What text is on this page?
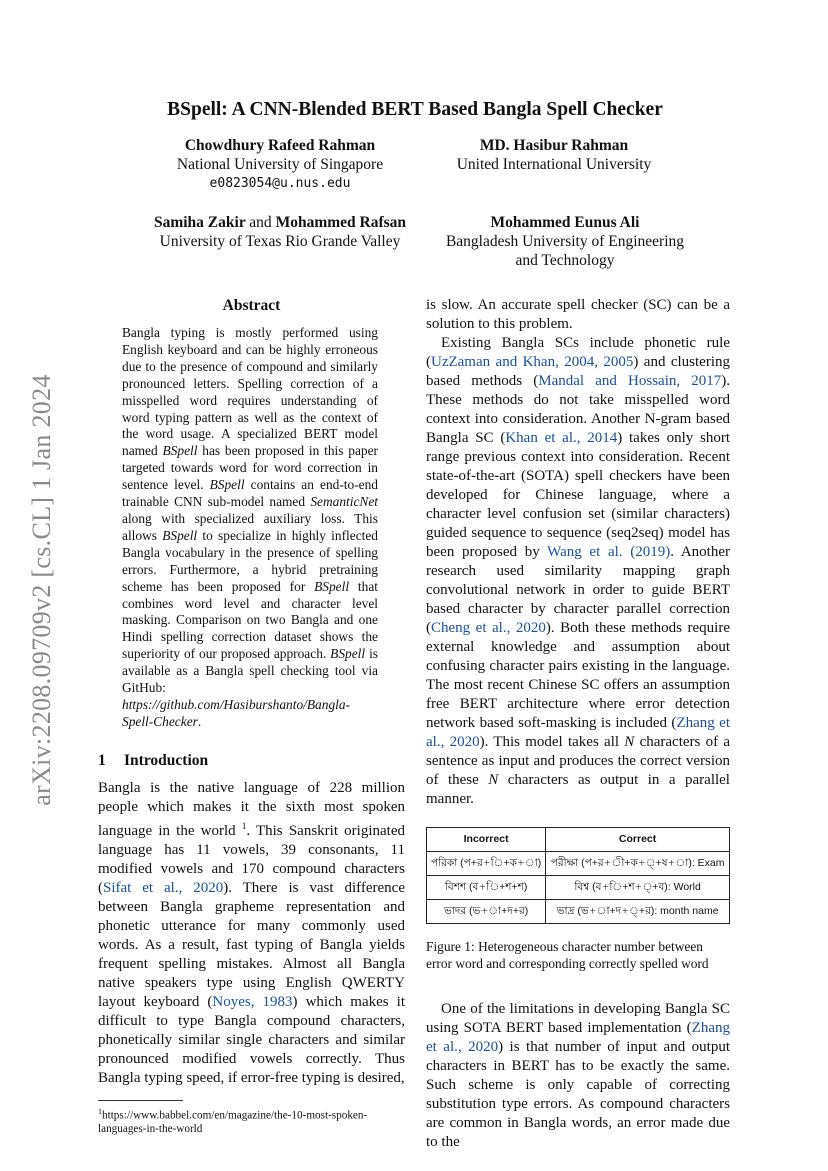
arXiv:2208.09709v2 [cs.CL] 1 Jan 2024
BSpell: A CNN-Blended BERT Based Bangla Spell Checker
Chowdhury Rafeed Rahman
National University of Singapore
e0823054@u.nus.edu
MD. Hasibur Rahman
United International University
Samiha Zakir and Mohammed Rafsan
University of Texas Rio Grande Valley
Mohammed Eunus Ali
Bangladesh University of Engineering
and Technology

Abstract

Bangla typing is mostly performed using English keyboard and can be highly erroneous due to the presence of compound and similarly pronounced letters. Spelling correction of a misspelled word requires understanding of word typing pattern as well as the context of the word usage. A specialized BERT model named BSpell has been proposed in this paper targeted towards word for word correction in sentence level. BSpell contains an end-to-end trainable CNN sub-model named SemanticNet along with specialized auxiliary loss. This allows BSpell to specialize in highly inflected Bangla vocabulary in the presence of spelling errors. Furthermore, a hybrid pretraining scheme has been proposed for BSpell that combines word level and character level masking. Comparison on two Bangla and one Hindi spelling correction dataset shows the superiority of our proposed approach. BSpell is available as a Bangla spell checking tool via GitHub: https://github.com/Hasiburshanto/Bangla-Spell-Checker.

1 Introduction

Bangla is the native language of 228 million people which makes it the sixth most spoken language in the world $^1$. This Sanskrit originated language has 11 vowels, 39 consonants, 11 modified vowels and 170 compound characters (Sifat et al., 2020). There is vast difference between Bangla grapheme representation and phonetic utterance for many commonly used words. As a result, fast typing of Bangla yields frequent spelling mistakes. Almost all Bangla native speakers type using English QWERTY layout keyboard (Noyes, 1983) which makes it difficult to type Bangla compound characters, phonetically similar single characters and similar pronounced modified vowels correctly. Thus Bangla typing speed, if error-free typing is desired,

$^1$https://www.babbel.com/en/magazine/the-10-most-spoken-languages-in-the-world

is slow. An accurate spell checker (SC) can be a solution to this problem.

Existing Bangla SCs include phonetic rule (UzZaman and Khan, 2004, 2005) and clustering based methods (Mandal and Hossain, 2017). These methods do not take misspelled word context into consideration. Another N-gram based Bangla SC (Khan et al., 2014) takes only short range previous context into consideration. Recent state-of-the-art (SOTA) spell checkers have been developed for Chinese language, where a character level confusion set (similar characters) guided sequence to sequence (seq2seq) model has been proposed by Wang et al. (2019). Another research used similarity mapping graph convolutional network in order to guide BERT based character by character parallel correction (Cheng et al., 2020). Both these methods require external knowledge and assumption about confusing character pairs existing in the language. The most recent Chinese SC offers an assumption free BERT architecture where error detection network based soft-masking is included (Zhang et al., 2020). This model takes all N characters of a sentence as input and produces the correct version of these N characters as output in a parallel manner.

Incorrect	Correct
পরিকা (প+র+ি+ক+া)	পরীক্ষা (প+র+ী+ক+্+ষ+া): Exam
বিশশ (ব+ি+শ+শ)	বিশ্ব (ব+ি+শ+্+ব): World
ভাদর (ভ+া+দ+র)	ভাদ্র (ভ+া+দ+্+র): month name

Figure 1: Heterogeneous character number between error word and corresponding correctly spelled word

One of the limitations in developing Bangla SC using SOTA BERT based implementation (Zhang et al., 2020) is that number of input and output characters in BERT has to be exactly the same. Such scheme is only capable of correcting substitution type errors. As compound characters are common in Bangla words, an error made due to the
